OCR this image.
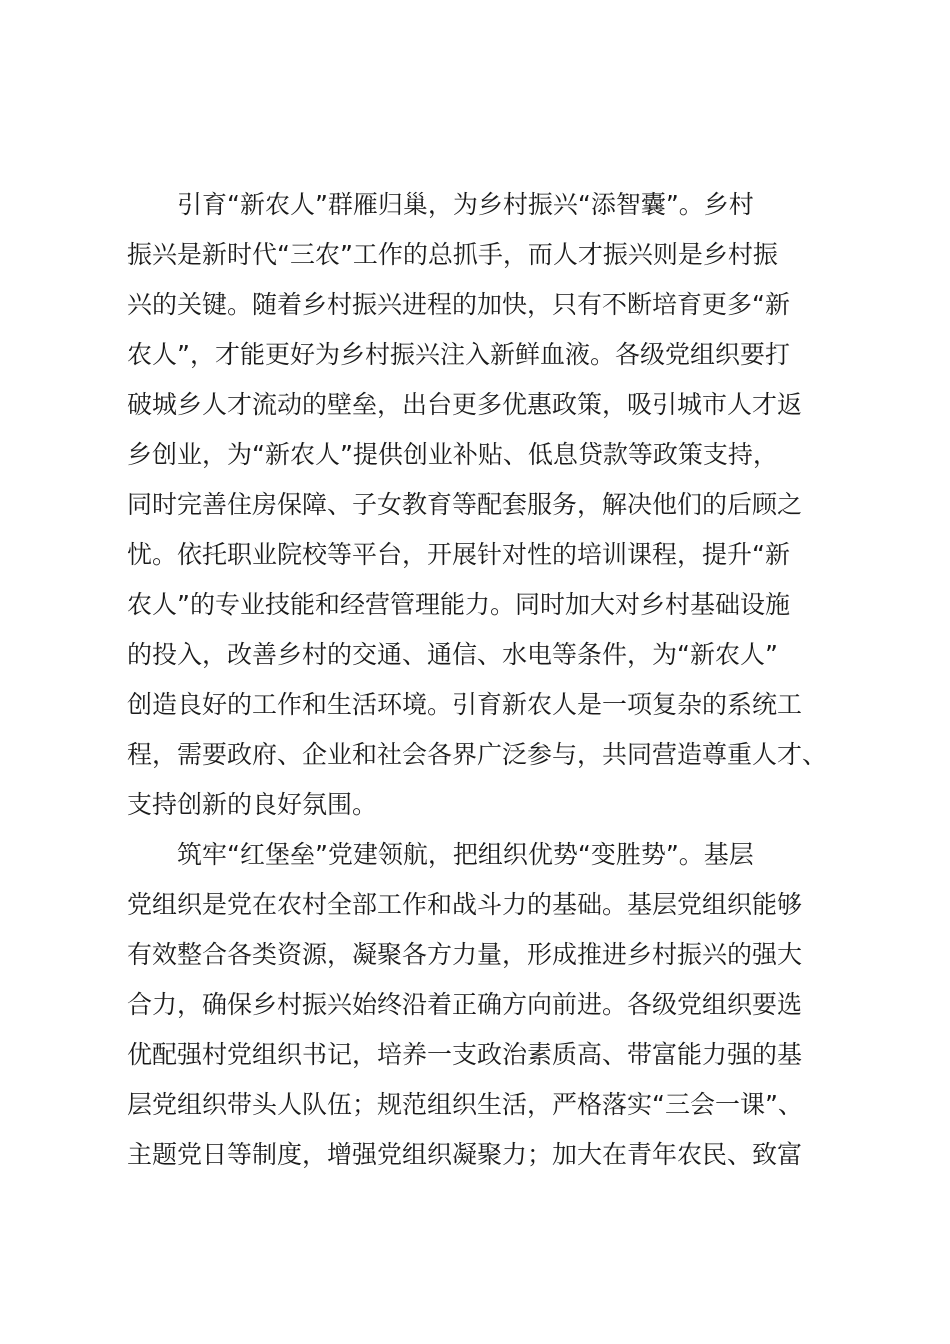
引育“新农人”群雁归巢，为乡村振兴“添智囊”。乡村
振兴是新时代“三农”工作的总抓手，而人才振兴则是乡村振
兴的关键。随着乡村振兴进程的加快，只有不断培育更多“新
农人”，才能更好为乡村振兴注入新鲜血液。各级党组织要打
破城乡人才流动的壁垒，出台更多优惠政策，吸引城市人才返
乡创业，为“新农人”提供创业补贴、低息贷款等政策支持，
同时完善住房保障、子女教育等配套服务，解决他们的后顾之
忧。依托职业院校等平台，开展针对性的培训课程，提升“新
农人”的专业技能和经营管理能力。同时加大对乡村基础设施
的投入，改善乡村的交通、通信、水电等条件，为“新农人”
创造良好的工作和生活环境。引育新农人是一项复杂的系统工
程，需要政府、企业和社会各界广泛参与，共同营造尊重人才、
支持创新的良好氛围。
筑牢“红堡垒”党建领航，把组织优势“变胜势”。基层
党组织是党在农村全部工作和战斗力的基础。基层党组织能够
有效整合各类资源，凝聚各方力量，形成推进乡村振兴的强大
合力，确保乡村振兴始终沿着正确方向前进。各级党组织要选
优配强村党组织书记，培养一支政治素质高、带富能力强的基
层党组织带头人队伍；规范组织生活，严格落实“三会一课”、
主题党日等制度，增强党组织凝聚力；加大在青年农民、致富
